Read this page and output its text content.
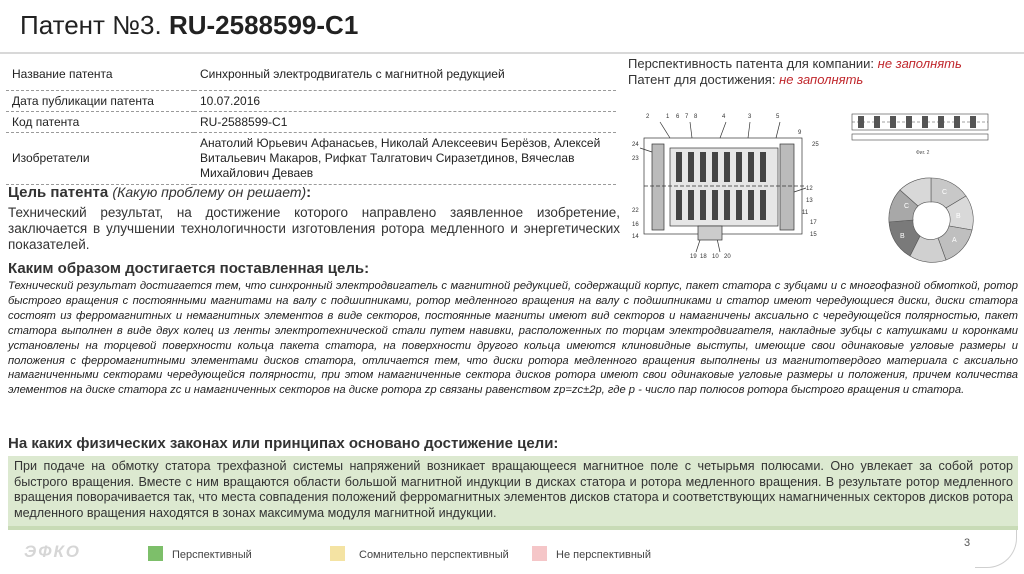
Патент №3. RU-2588599-C1
Название патента	Синхронный электродвигатель с магнитной редукцией
Дата публикации патента	10.07.2016
Код патента	RU-2588599-C1
Изобретатели	Анатолий Юрьевич Афанасьев, Николай Алексеевич Берёзов, Алексей Витальевич Макаров, Рифкат Талгатович Сиразетдинов, Вячеслав Михайлович Деваев
Цель патента (Какую проблему он решает):
Технический результат, на достижение которого направлено заявленное изобретение, заключается в улучшении технологичности изготовления ротора медленного и энергетических показателей.
Каким образом достигается поставленная цель:
Технический результат достигается тем, что синхронный электродвигатель с магнитной редукцией, содержащий корпус, пакет статора с зубцами и с многофазной обмоткой, ротор быстрого вращения с постоянными магнитами на валу с подшипниками, ротор медленного вращения на валу с подшипниками и статор имеют чередующиеся диски, диски статора состоят из ферромагнитных и немагнитных элементов в виде секторов, постоянные магниты имеют вид секторов и намагничены аксиально с чередующейся полярностью, пакет статора выполнен в виде двух колец из ленты электротехнической стали путем навивки, расположенных по торцам электродвигателя, накладные зубцы с катушками и коронками установлены на торцевой поверхности кольца пакета статора, на поверхности другого кольца имеются клиновидные выступы, имеющие свои одинаковые угловые размеры и положения с ферромагнитными элементами дисков статора, отличается тем, что диски ротора медленного вращения выполнены из магнитотвердого материала с аксиально намагниченными секторами чередующейся полярности, при этом намагниченные сектора дисков ротора имеют свои одинаковые угловые размеры и положения, причем количества элементов на диске статора zс и намагниченных секторов на диске ротора zр связаны равенством zр=zс±2p, где р - число пар полюсов ротора быстрого вращения и статора.
На каких физических законах или принципах основано достижение цели:
При подаче на обмотку статора трехфазной системы напряжений возникает вращающееся магнитное поле с четырьмя полюсами. Оно увлекает за собой ротор быстрого вращения. Вместе с ним вращаются области большой магнитной индукции в дисках статора и ротора медленного вращения. В результате ротор медленного вращения поворачивается так, что места совпадения положений ферромагнитных элементов дисков статора и соответствующих намагниченных секторов дисков ротора медленного вращения находятся в зонах максимума модуля магнитной индукции.
Перспективность патента для компании: не заполнять
Патент для достижения: не заполнять
2	1 6 7 8	4	3	5
24
23
22
16
14
9
25
12
13
11
17
15
19 18 10 20
Фиг. 2
C
B
A
B
C
ЭФКО	Перспективный	Сомнительно перспективный	Не перспективный
3
